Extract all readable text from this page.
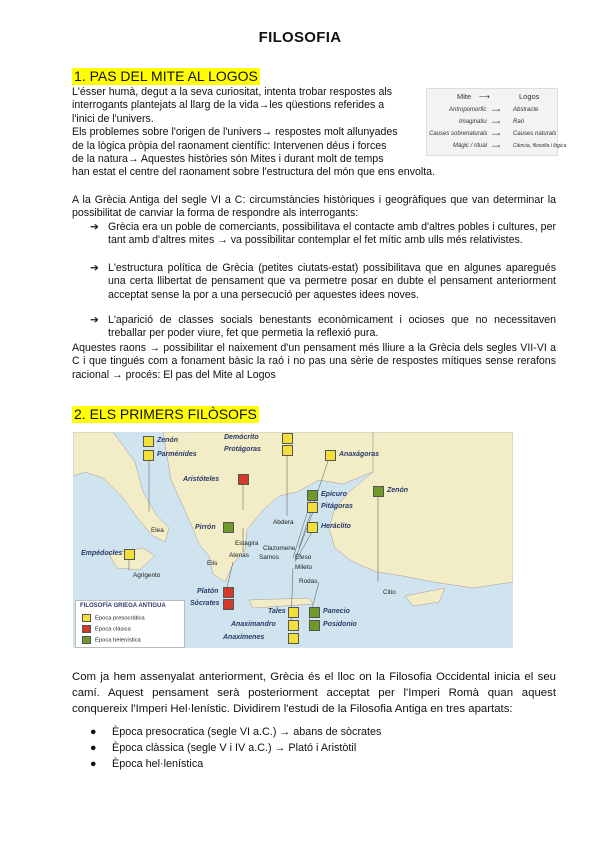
FILOSOFIA
1. PAS DEL MITE AL LOGOS
L'ésser humà, degut a la seva curiositat, intenta trobar respostes als
interrogants plantejats al llarg de la vida→les qüestions referides a
l'inici de l'univers.
Els problemes sobre l'origen de l'univers→ respostes molt allunyades
de la lògica pròpia del raonament científic: Intervenen déus i forces
de la natura→ Aquestes històries són Mites i durant molt de temps
han estat el centre del raonament sobre l'estructura del món que ens envolta.
Mite ⟶	Logos
Antropomorfic ⟶ Abstracte
Imaginatiu ⟶ Raó
Causes sobrenaturals ⟶ Causes naturals
Màgic / ritual ⟶	Ciència, filosofia i lògica
A la Grècia Antiga del segle VI a C: circumstàncies històriques i geogràfiques que van determinar la possibilitat de canviar la forma de respondre als interrogants:
➔ Grècia era un poble de comerciants, possibilitava el contacte amb d'altres pobles i cultures, per tant amb d'altres mites → va possibilitar contemplar el fet mític amb ulls més relativistes.
➔ L'estructura política de Grècia (petites ciutats-estat) possibilitava que en algunes aparegués una certa llibertat de pensament que va permetre posar en dubte el pensament anteriorment acceptat sense la por a una persecució per aquestes idees noves.
➔ L'aparició de classes socials benestants econòmicament i ocioses que no necessitaven treballar per poder viure, fet que permetia la reflexió pura.
Aquestes raons → possibilitar el naixement d'un pensament més lliure a la Grècia dels segles VII-VI a C i que tingués com a fonament bàsic la raó i no pas una sèrie de respostes mítiques sense rerafons racional → procés: El pas del Mite al Logos
2. ELS PRIMERS FILÒSOFS
Zenón
Parménides
Demócrito
Protágoras
Aristóteles
Anaxágoras
Epicuro
Zenón
Pitágoras
Pirrón	Heráclito
Empédocles
Platón
Sócrates
Tales	Panecio
Anaximandro	Posidonio
Anaxímenes
Elea
Abdera
Estagira
Elis
Atenas
Clazomene
Samos	Éfeso
Mileto
Rodas
Citio
Agrigento
FILOSOFÍA GRIEGA ANTIGUA
Época presocrática
Época clásica
Época helenística
Com ja hem assenyalat anteriorment, Grècia és el lloc on la Filosofia Occidental inicia el seu camí. Aquest pensament serà posteriorment acceptat per l'Imperi Romà quan aquest conquereix l'Imperi Hel·lenístic. Dividirem l'estudi de la Filosofia Antiga en tres apartats:
● Època presocratica (segle VI a.C.) → abans de sòcrates
● Època clàssica (segle V i IV a.C.) → Plató i Aristòtil
● Època hel·lenística
